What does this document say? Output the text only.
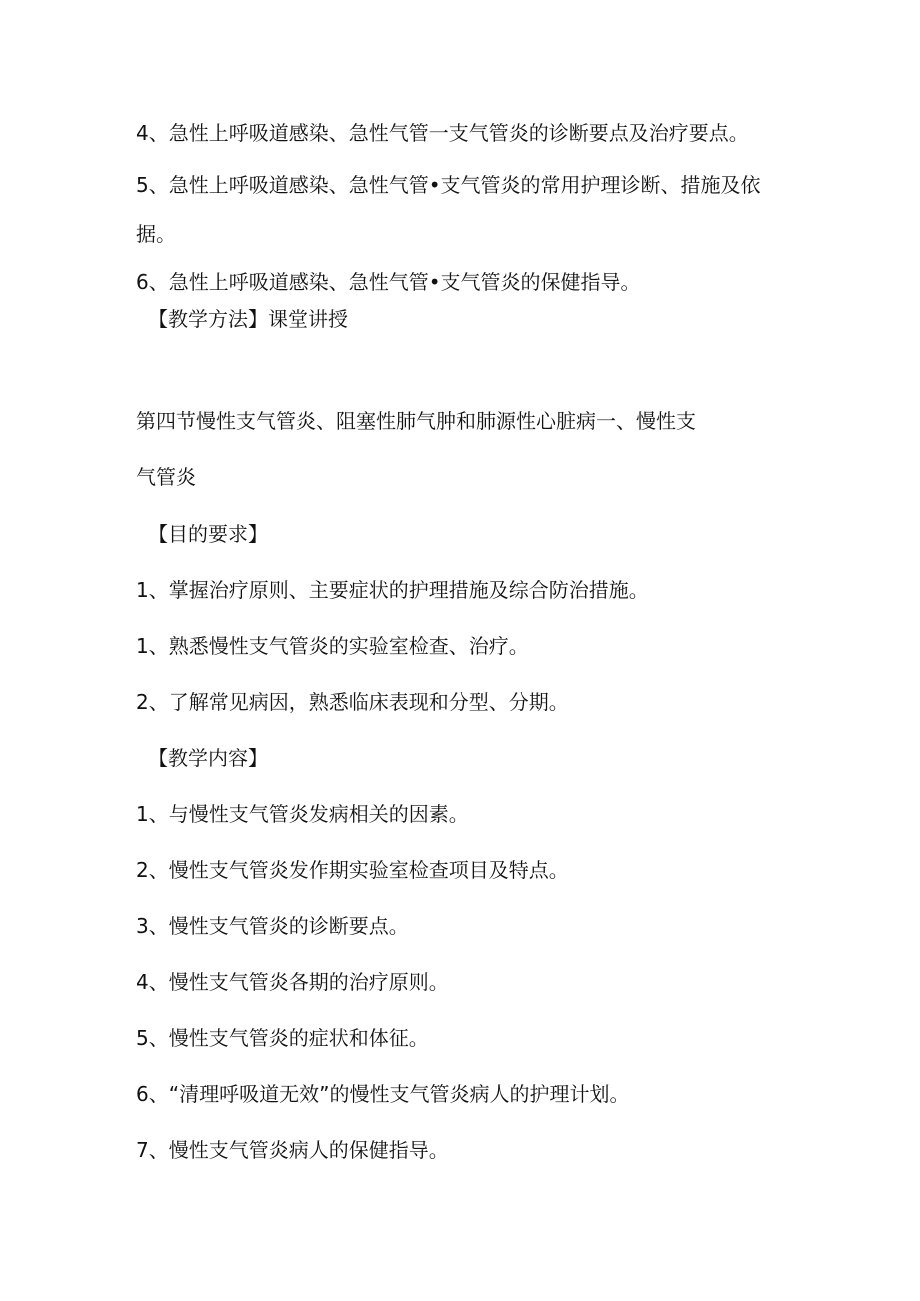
4、急性上呼吸道感染、急性气管一支气管炎的诊断要点及治疗要点。
5、急性上呼吸道感染、急性气管•支气管炎的常用护理诊断、措施及依
据。
6、急性上呼吸道感染、急性气管•支气管炎的保健指导。
【教学方法】课堂讲授
第四节慢性支气管炎、阻塞性肺气肿和肺源性心脏病一、慢性支
气管炎
【目的要求】
1、掌握治疗原则、主要症状的护理措施及综合防治措施。
1、熟悉慢性支气管炎的实验室检查、治疗。
2、了解常见病因，熟悉临床表现和分型、分期。
【教学内容】
1、与慢性支气管炎发病相关的因素。
2、慢性支气管炎发作期实验室检查项目及特点。
3、慢性支气管炎的诊断要点。
4、慢性支气管炎各期的治疗原则。
5、慢性支气管炎的症状和体征。
6、“清理呼吸道无效”的慢性支气管炎病人的护理计划。
7、慢性支气管炎病人的保健指导。
